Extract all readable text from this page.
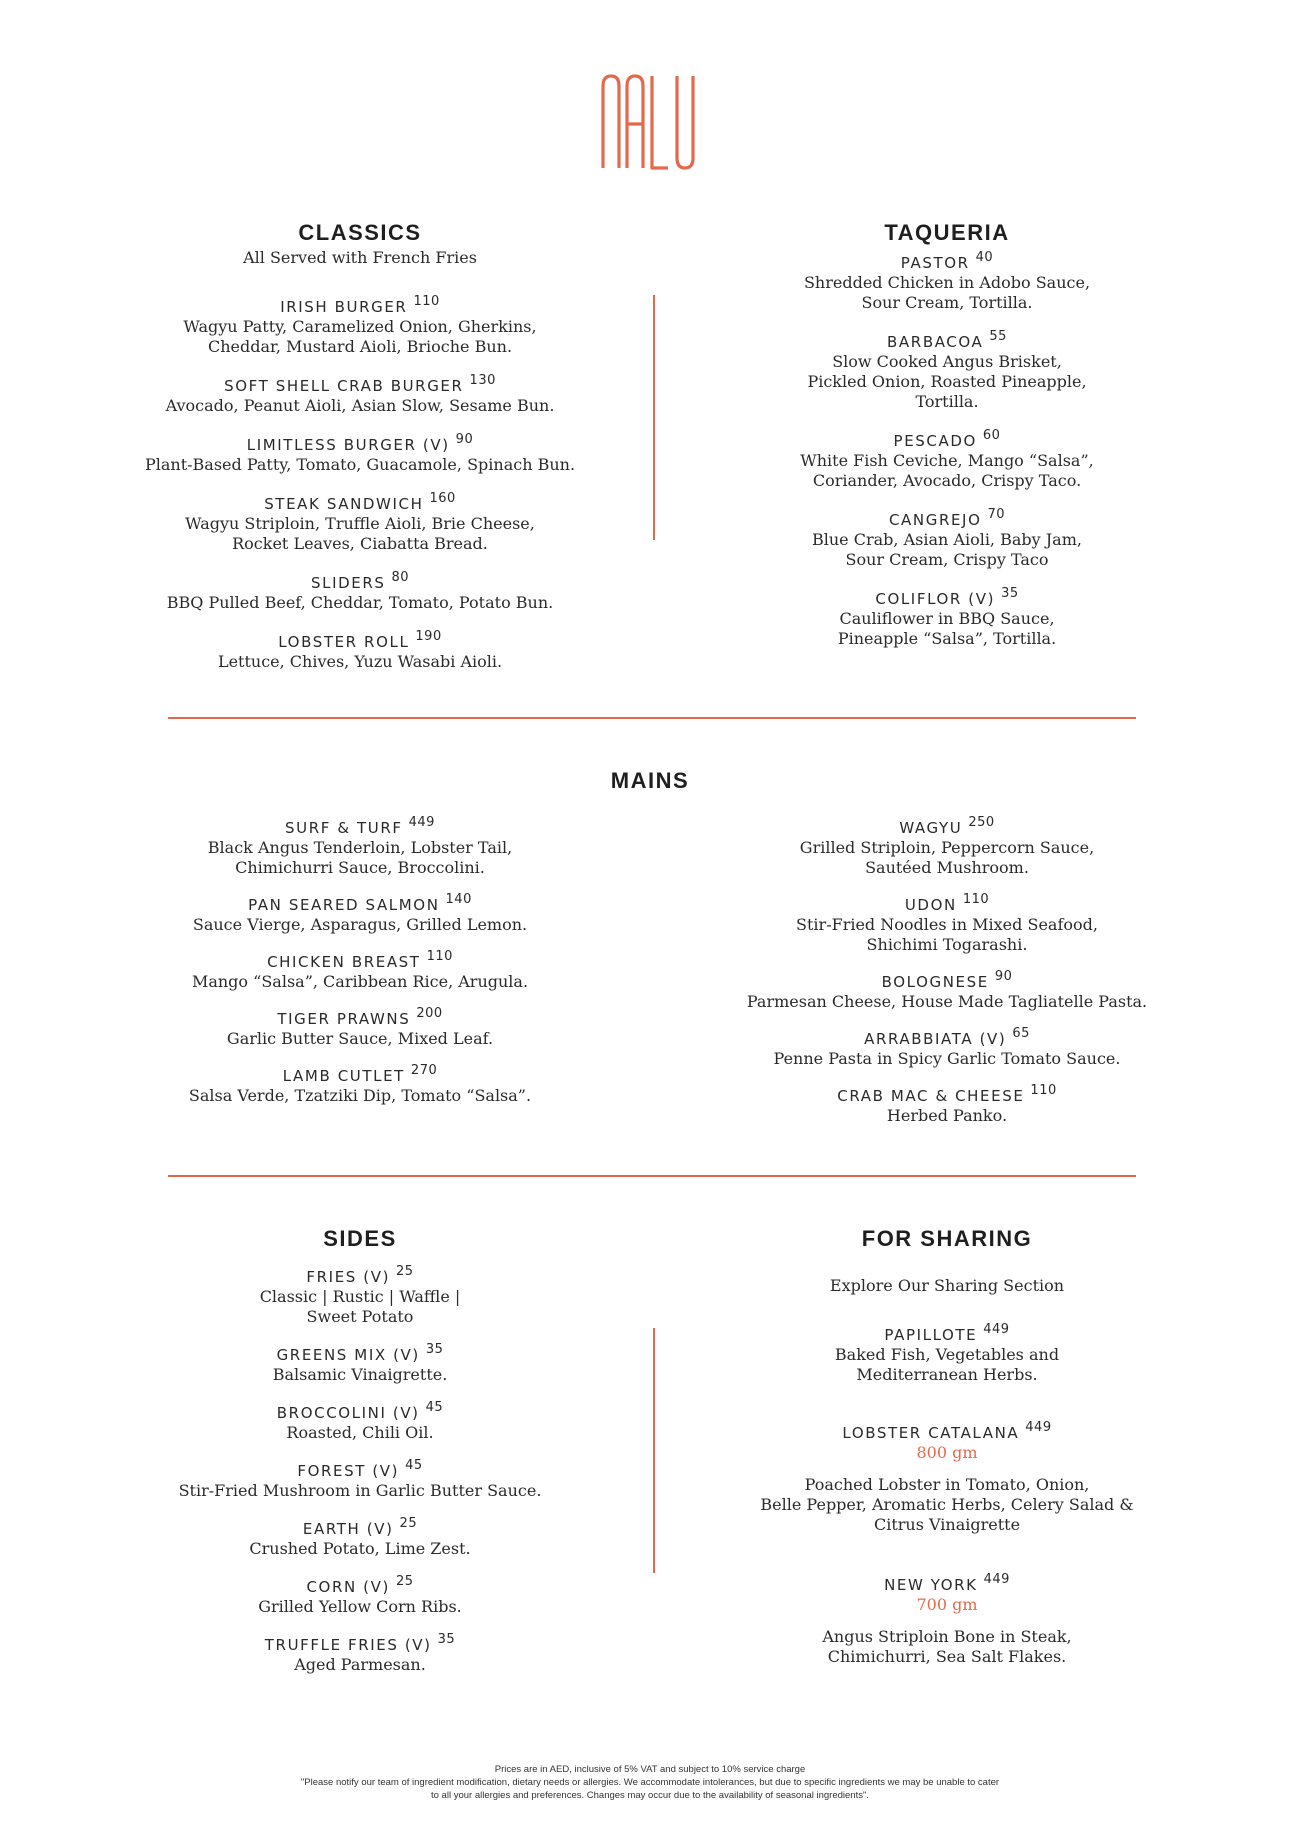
NALU
CLASSICS
All Served with French Fries
IRISH BURGER $^{110}$
Wagyu Patty, Caramelized Onion, Gherkins,
Cheddar, Mustard Aioli, Brioche Bun.
SOFT SHELL CRAB BURGER $^{130}$
Avocado, Peanut Aioli, Asian Slow, Sesame Bun.
LIMITLESS BURGER (V) $^{90}$
Plant-Based Patty, Tomato, Guacamole, Spinach Bun.
STEAK SANDWICH $^{160}$
Wagyu Striploin, Truffle Aioli, Brie Cheese,
Rocket Leaves, Ciabatta Bread.
SLIDERS $^{80}$
BBQ Pulled Beef, Cheddar, Tomato, Potato Bun.
LOBSTER ROLL $^{190}$
Lettuce, Chives, Yuzu Wasabi Aioli.
TAQUERIA
PASTOR $^{40}$
Shredded Chicken in Adobo Sauce,
Sour Cream, Tortilla.
BARBACOA $^{55}$
Slow Cooked Angus Brisket,
Pickled Onion, Roasted Pineapple,
Tortilla.
PESCADO $^{60}$
White Fish Ceviche, Mango “Salsa”,
Coriander, Avocado, Crispy Taco.
CANGREJO $^{70}$
Blue Crab, Asian Aioli, Baby Jam,
Sour Cream, Crispy Taco
COLIFLOR (V) $^{35}$
Cauliflower in BBQ Sauce,
Pineapple “Salsa”, Tortilla.
MAINS
SURF & TURF $^{449}$
Black Angus Tenderloin, Lobster Tail,
Chimichurri Sauce, Broccolini.
PAN SEARED SALMON $^{140}$
Sauce Vierge, Asparagus, Grilled Lemon.
CHICKEN BREAST $^{110}$
Mango “Salsa”, Caribbean Rice, Arugula.
TIGER PRAWNS $^{200}$
Garlic Butter Sauce, Mixed Leaf.
LAMB CUTLET $^{270}$
Salsa Verde, Tzatziki Dip, Tomato “Salsa”.
WAGYU $^{250}$
Grilled Striploin, Peppercorn Sauce,
Sautéed Mushroom.
UDON $^{110}$
Stir-Fried Noodles in Mixed Seafood,
Shichimi Togarashi.
BOLOGNESE $^{90}$
Parmesan Cheese, House Made Tagliatelle Pasta.
ARRABBIATA (V) $^{65}$
Penne Pasta in Spicy Garlic Tomato Sauce.
CRAB MAC & CHEESE $^{110}$
Herbed Panko.
SIDES
FRIES (V) $^{25}$
Classic | Rustic | Waffle |
Sweet Potato
GREENS MIX (V) $^{35}$
Balsamic Vinaigrette.
BROCCOLINI (V) $^{45}$
Roasted, Chili Oil.
FOREST (V) $^{45}$
Stir-Fried Mushroom in Garlic Butter Sauce.
EARTH (V) $^{25}$
Crushed Potato, Lime Zest.
CORN (V) $^{25}$
Grilled Yellow Corn Ribs.
TRUFFLE FRIES (V) $^{35}$
Aged Parmesan.
FOR SHARING
Explore Our Sharing Section
PAPILLOTE $^{449}$
Baked Fish, Vegetables and
Mediterranean Herbs.
LOBSTER CATALANA $^{449}$
800 gm
Poached Lobster in Tomato, Onion,
Belle Pepper, Aromatic Herbs, Celery Salad &
Citrus Vinaigrette
NEW YORK $^{449}$
700 gm
Angus Striploin Bone in Steak,
Chimichurri, Sea Salt Flakes.
Prices are in AED, inclusive of 5% VAT and subject to 10% service charge
"Please notify our team of ingredient modification, dietary needs or allergies. We accommodate intolerances, but due to specific ingredients we may be unable to cater
to all your allergies and preferences. Changes may occur due to the availability of seasonal ingredients".
